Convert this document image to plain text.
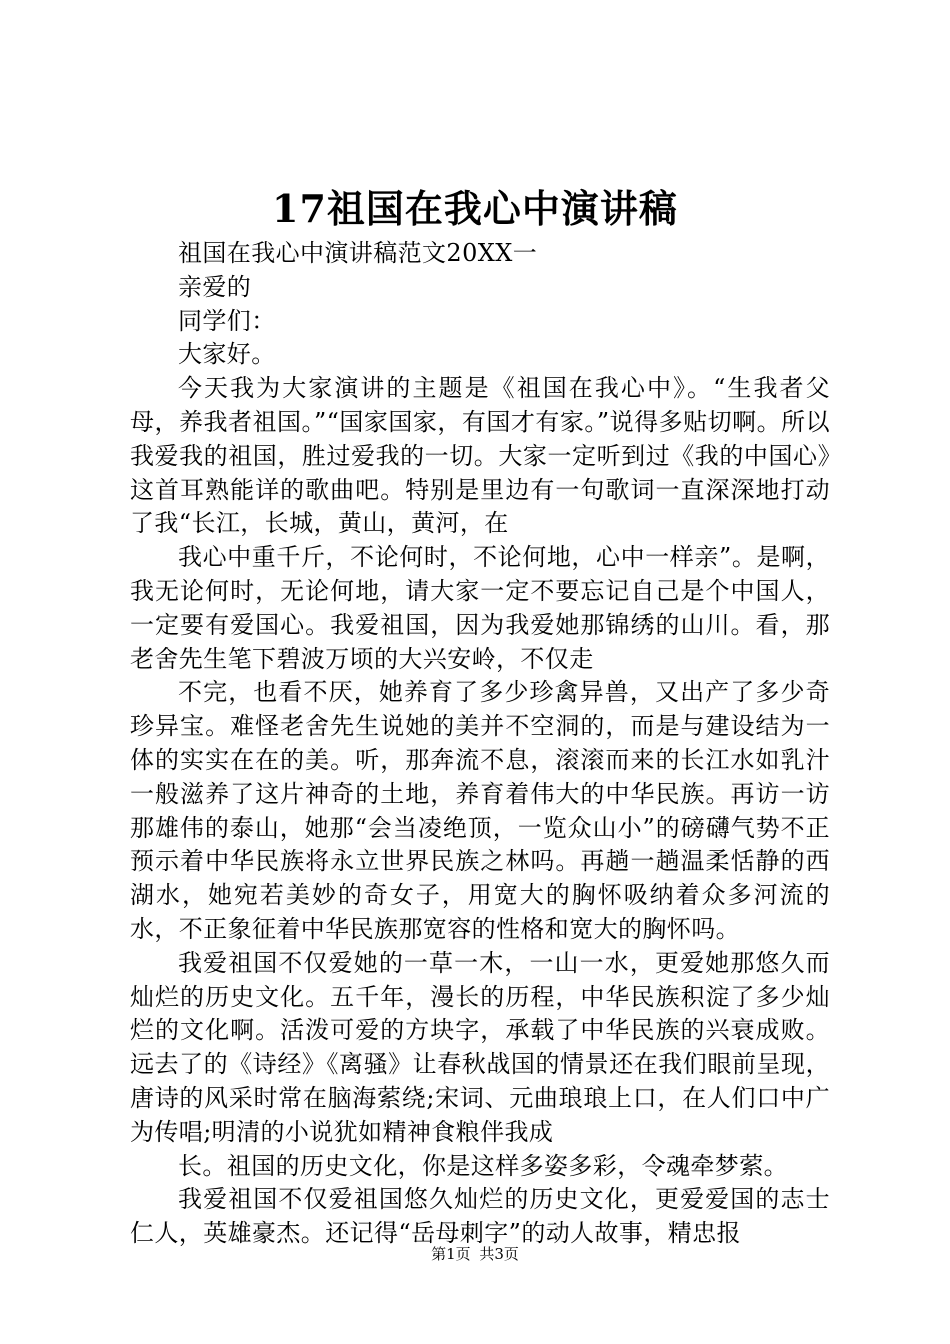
17祖国在我心中演讲稿

祖国在我心中演讲稿范文20XX一

亲爱的

同学们：

大家好。

今天我为大家演讲的主题是《祖国在我心中》。“生我者父母，养我者祖国。”“国家国家，有国才有家。”说得多贴切啊。所以我爱我的祖国，胜过爱我的一切。大家一定听到过《我的中国心》这首耳熟能详的歌曲吧。特别是里边有一句歌词一直深深地打动了我“长江，长城，黄山，黄河，在

我心中重千斤，不论何时，不论何地，心中一样亲”。是啊，我无论何时，无论何地，请大家一定不要忘记自己是个中国人，一定要有爱国心。我爱祖国，因为我爱她那锦绣的山川。看，那老舍先生笔下碧波万顷的大兴安岭，不仅走

不完，也看不厌，她养育了多少珍禽异兽，又出产了多少奇珍异宝。难怪老舍先生说她的美并不空洞的，而是与建设结为一体的实实在在的美。听，那奔流不息，滚滚而来的长江水如乳汁一般滋养了这片神奇的土地，养育着伟大的中华民族。再访一访那雄伟的泰山，她那“会当凌绝顶，一览众山小”的磅礴气势不正预示着中华民族将永立世界民族之林吗。再趟一趟温柔恬静的西湖水，她宛若美妙的奇女子，用宽大的胸怀吸纳着众多河流的水，不正象征着中华民族那宽容的性格和宽大的胸怀吗。

我爱祖国不仅爱她的一草一木，一山一水，更爱她那悠久而灿烂的历史文化。五千年，漫长的历程，中华民族积淀了多少灿烂的文化啊。活泼可爱的方块字，承载了中华民族的兴衰成败。远去了的《诗经》《离骚》让春秋战国的情景还在我们眼前呈现，唐诗的风采时常在脑海萦绕;宋词、元曲琅琅上口，在人们口中广为传唱;明清的小说犹如精神食粮伴我成

长。祖国的历史文化，你是这样多姿多彩，令魂牵梦萦。

我爱祖国不仅爱祖国悠久灿烂的历史文化，更爱爱国的志士仁人，英雄豪杰。还记得“岳母刺字”的动人故事，精忠报

第1页 共3页
